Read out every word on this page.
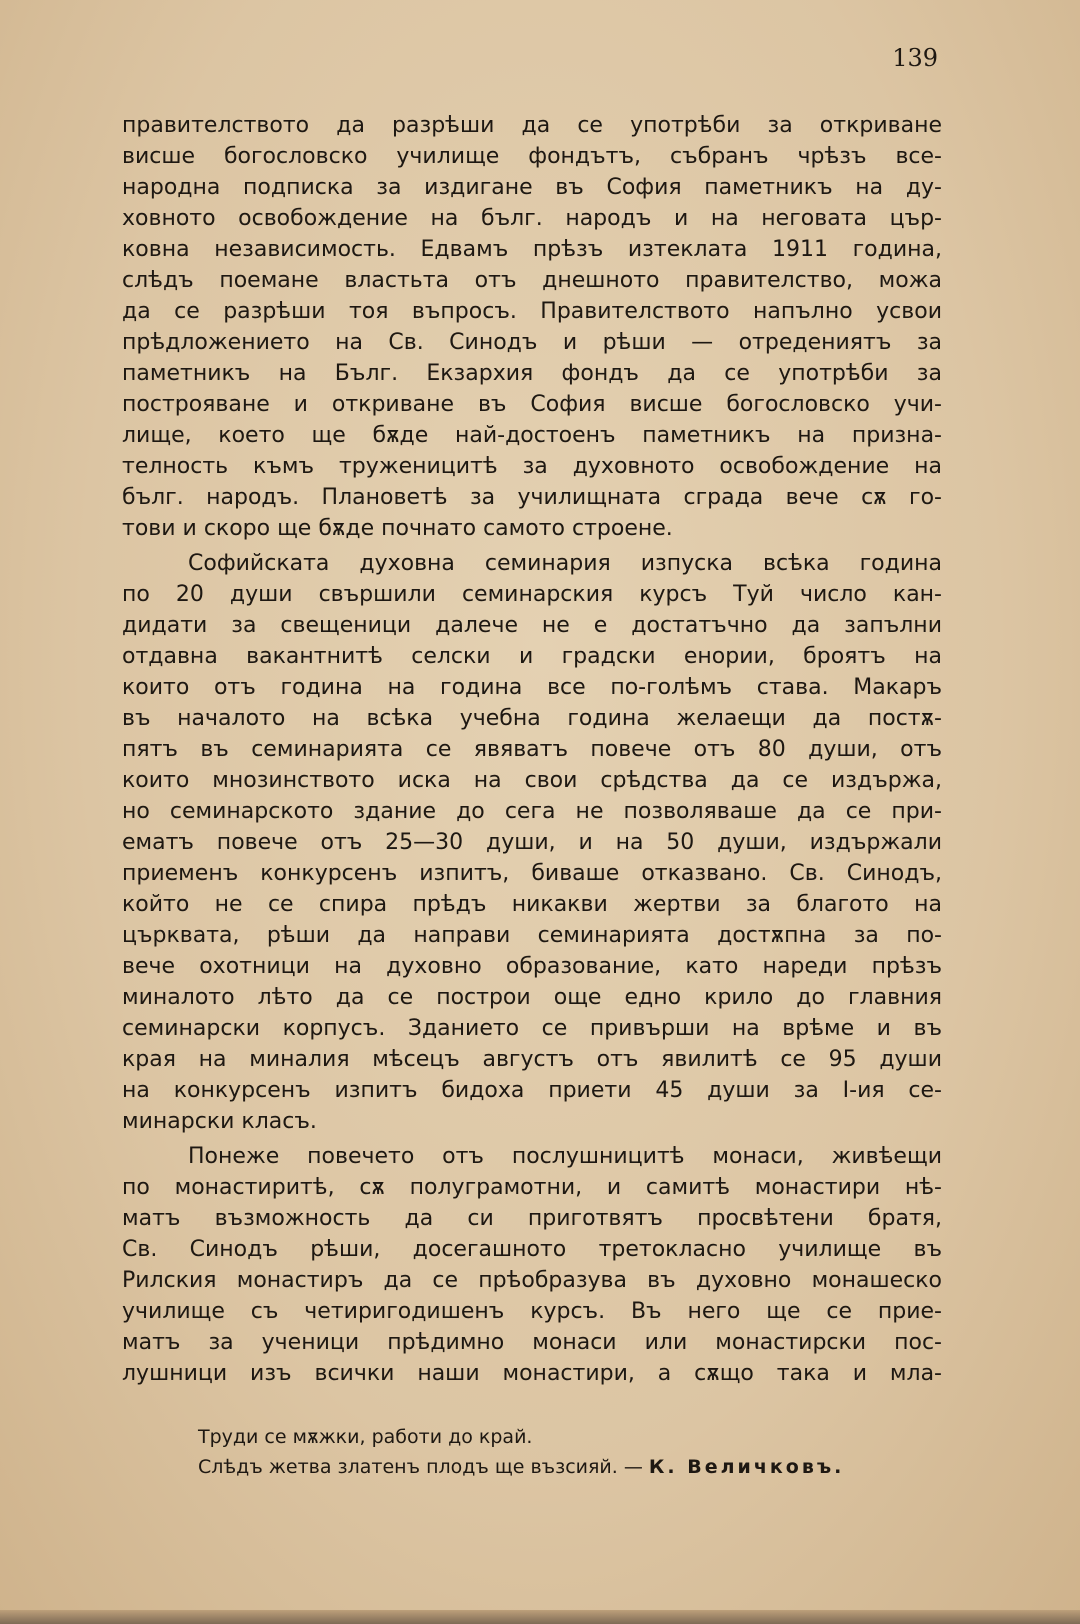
139
правителството да разрѣши да се употрѣби за откриване
висше богословско училище фондътъ, събранъ чрѣзъ все-
народна подписка за издигане въ София паметникъ на ду-
ховното освобождение на бълг. народъ и на неговата цър-
ковна независимость. Едвамъ прѣзъ изтеклата 1911 година,
слѣдъ поемане властьта отъ днешното правителство, можа
да се разрѣши тоя въпросъ. Правителството напълно усвои
прѣдложението на Св. Синодъ и рѣши — отредениятъ за
паметникъ на Бълг. Екзархия фондъ да се употрѣби за
построяване и откриване въ София висше богословско учи-
лище, което ще бѫде най-достоенъ паметникъ на призна-
телность къмъ труженицитѣ за духовното освобождение на
бълг. народъ. Плановетѣ за училищната сграда вече сѫ го-
тови и скоро ще бѫде почнато самото строене.
Софийската духовна семинария изпуска всѣка година
по 20 души свършили семинарския курсъ Туй число кан-
дидати за свещеници далече не е достатъчно да запълни
отдавна вакантнитѣ селски и градски енории, броятъ на
които отъ година на година все по-голѣмъ става. Макаръ
въ началото на всѣка учебна година желаещи да постѫ-
пятъ въ семинарията се явяватъ повече отъ 80 души, отъ
които мнозинството иска на свои срѣдства да се издържа,
но семинарското здание до сега не позволяваше да се при-
ематъ повече отъ 25—30 души, и на 50 души, издържали
приеменъ конкурсенъ изпитъ, биваше отказвано. Св. Синодъ,
който не се спира прѣдъ никакви жертви за благото на
църквата, рѣши да направи семинарията достѫпна за по-
вече охотници на духовно образование, като нареди прѣзъ
миналото лѣто да се построи още едно крило до главния
семинарски корпусъ. Зданието се привърши на врѣме и въ
края на миналия мѣсецъ августъ отъ явилитѣ се 95 души
на конкурсенъ изпитъ бидоха приети 45 души за I-ия се-
минарски класъ.
Понеже повечето отъ послушницитѣ монаси, живѣещи
по монастиритѣ, сѫ полуграмотни, и самитѣ монастири нѣ-
матъ възможность да си приготвятъ просвѣтени братя,
Св. Синодъ рѣши, досегашното третокласно училище въ
Рилския монастиръ да се прѣобразува въ духовно монашеско
училище съ четиригодишенъ курсъ. Въ него ще се прие-
матъ за ученици прѣдимно монаси или монастирски пос-
лушници изъ всички наши монастири, а сѫщо така и мла-
Труди се мѫжки, работи до край.
Слѣдъ жетва златенъ плодъ ще възсияй. — К. Величковъ.
